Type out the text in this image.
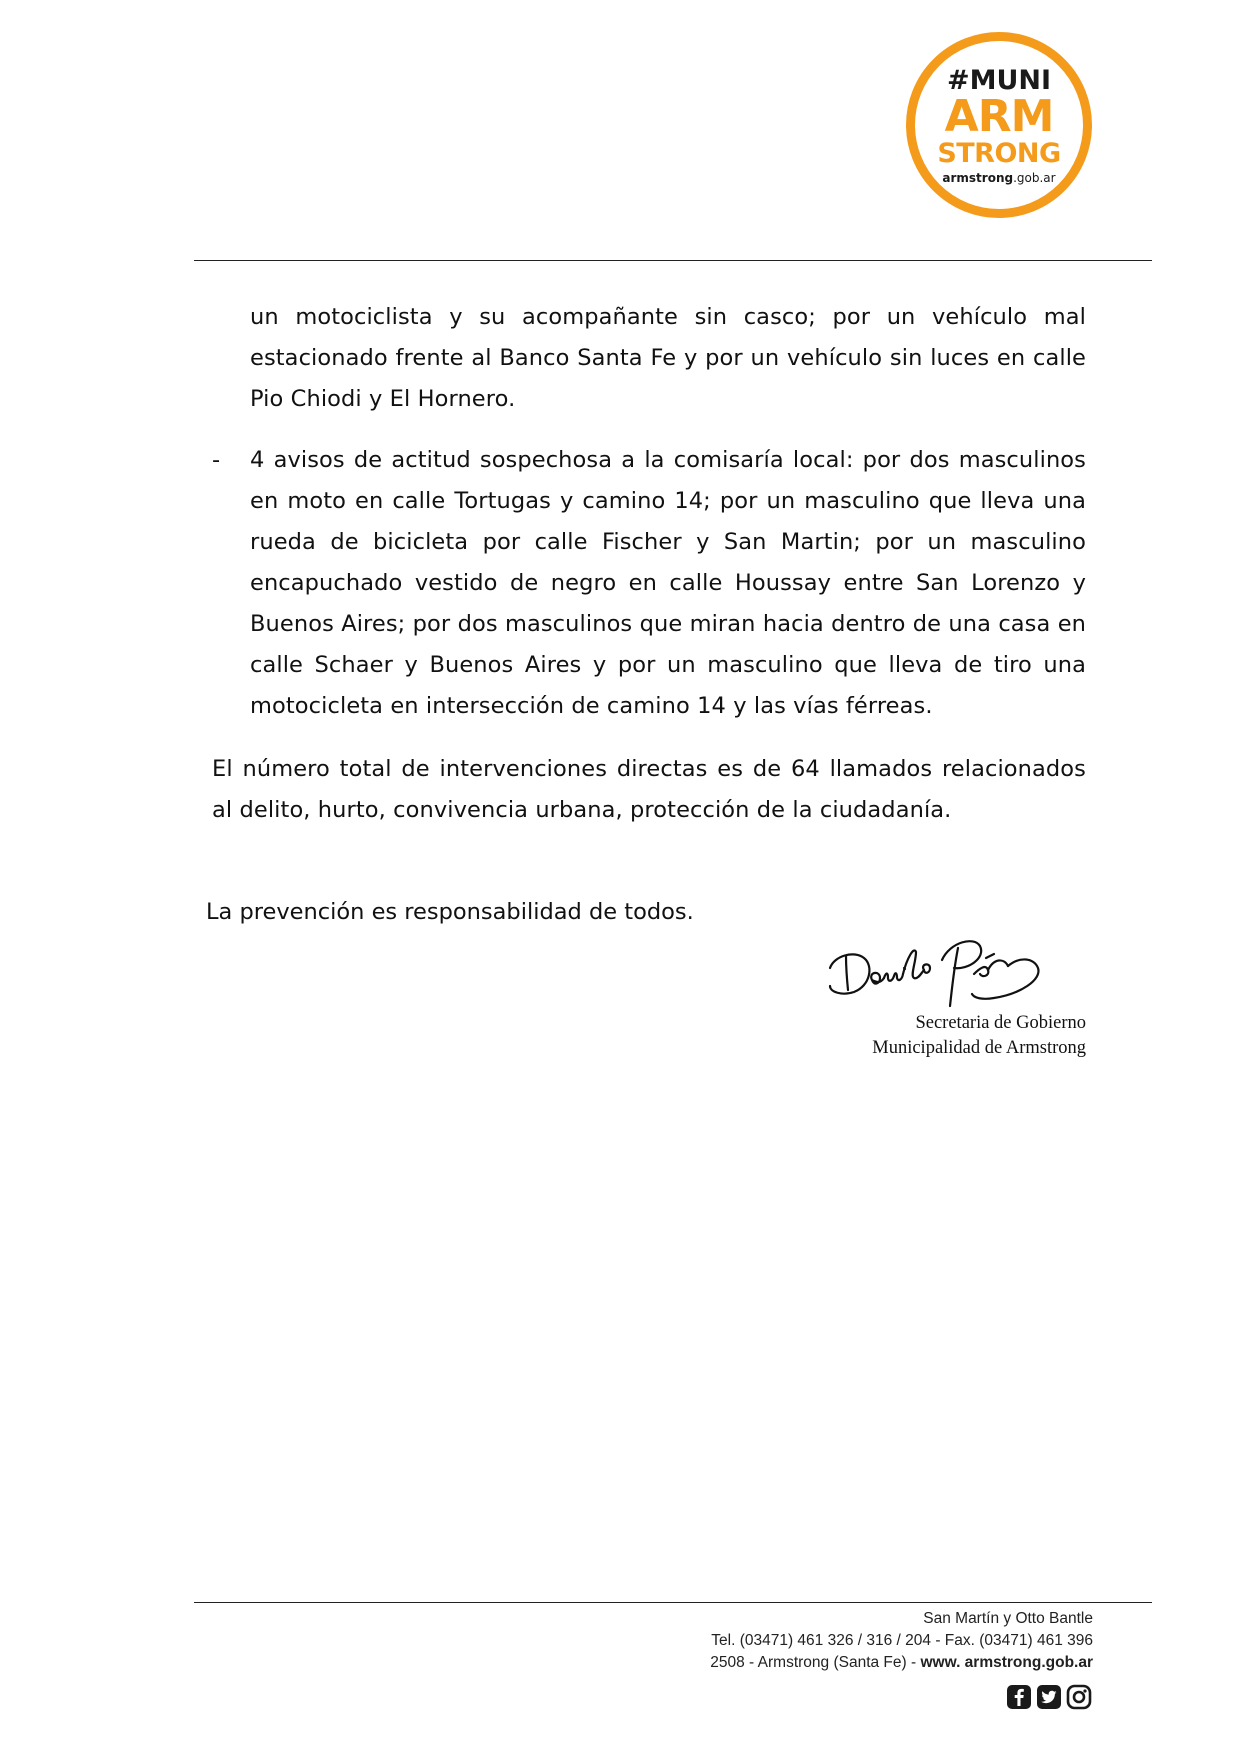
#MUNI
ARM
STRONG
armstrong.gob.ar

un motociclista y su acompañante sin casco; por un vehículo mal estacionado frente al Banco Santa Fe y por un vehículo sin luces en calle Pio Chiodi y El Hornero.

- 4 avisos de actitud sospechosa a la comisaría local: por dos masculinos en moto en calle Tortugas y camino 14; por un masculino que lleva una rueda de bicicleta por calle Fischer y San Martin; por un masculino encapuchado vestido de negro en calle Houssay entre San Lorenzo y Buenos Aires; por dos masculinos que miran hacia dentro de una casa en calle Schaer y Buenos Aires y por un masculino que lleva de tiro una motocicleta en intersección de camino 14 y las vías férreas.

El número total de intervenciones directas es de 64 llamados relacionados al delito, hurto, convivencia urbana, protección de la ciudadanía.

La prevención es responsabilidad de todos.

Secretaria de Gobierno
Municipalidad de Armstrong
San Martín y Otto Bantle
Tel. (03471) 461 326 / 316 / 204 - Fax. (03471) 461 396
2508 - Armstrong (Santa Fe) - www. armstrong.gob.ar
